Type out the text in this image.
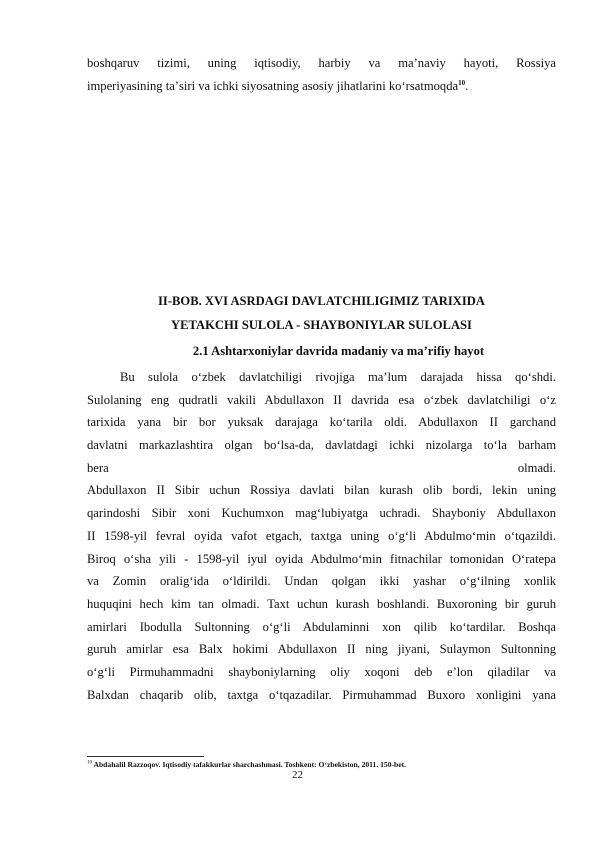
boshqaruv tizimi, uning iqtisodiy, harbiy va maʼnaviy hayoti, Rossiya
imperiyasining taʼsiri va ichki siyosatning asosiy jihatlarini koʻrsatmoqda$^{10}$.
II-BOB. XVI ASRDAGI DAVLATCHILIGIMIZ TARIXIDA
YETAKCHI SULOLA - SHAYBONIYLAR SULOLASI
2.1 Ashtarxoniylar davrida madaniy va maʼrifiy hayot
Bu sulola oʻzbek davlatchiligi rivojiga maʼlum darajada hissa qoʻshdi.
Sulolaning eng qudratli vakili Abdullaxon II davrida esa oʻzbek davlatchiligi oʻz
tarixida yana bir bor yuksak darajaga koʻtarila oldi. Abdullaxon II garchand
davlatni markazlashtira olgan boʻlsa-da, davlatdagi ichki nizolarga toʻla barham
bera olmadi.
Abdullaxon II Sibir uchun Rossiya davlati bilan kurash olib bordi, lekin uning
qarindoshi Sibir xoni Kuchumxon magʻlubiyatga uchradi. Shayboniy Abdullaxon
II 1598-yil fevral oyida vafot etgach, taxtga uning oʻgʻli Abdulmoʻmin oʻtqazildi.
Biroq oʻsha yili - 1598-yil iyul oyida Abdulmoʻmin fitnachilar tomonidan Oʻratepa
va Zomin oraligʻida oʻldirildi. Undan qolgan ikki yashar oʻgʻilning xonlik
huquqini hech kim tan olmadi. Taxt uchun kurash boshlandi. Buxoroning bir guruh
amirlari Ibodulla Sultonning oʻgʻli Abdulaminni xon qilib koʻtardilar. Boshqa
guruh amirlar esa Balx hokimi Abdullaxon II ning jiyani, Sulaymon Sultonning
oʻgʻli Pirmuhammadni shayboniylarning oliy xoqoni deb eʼlon qiladilar va
Balxdan chaqarib olib, taxtga oʻtqazadilar. Pirmuhammad Buxoro xonligini yana
$^{10}$ Abdahalil Razzoqov. Iqtisodiy tafakkurlar sharchashmasi. Toshkent: Oʻzbekiston, 2011. 150-bet.
22
